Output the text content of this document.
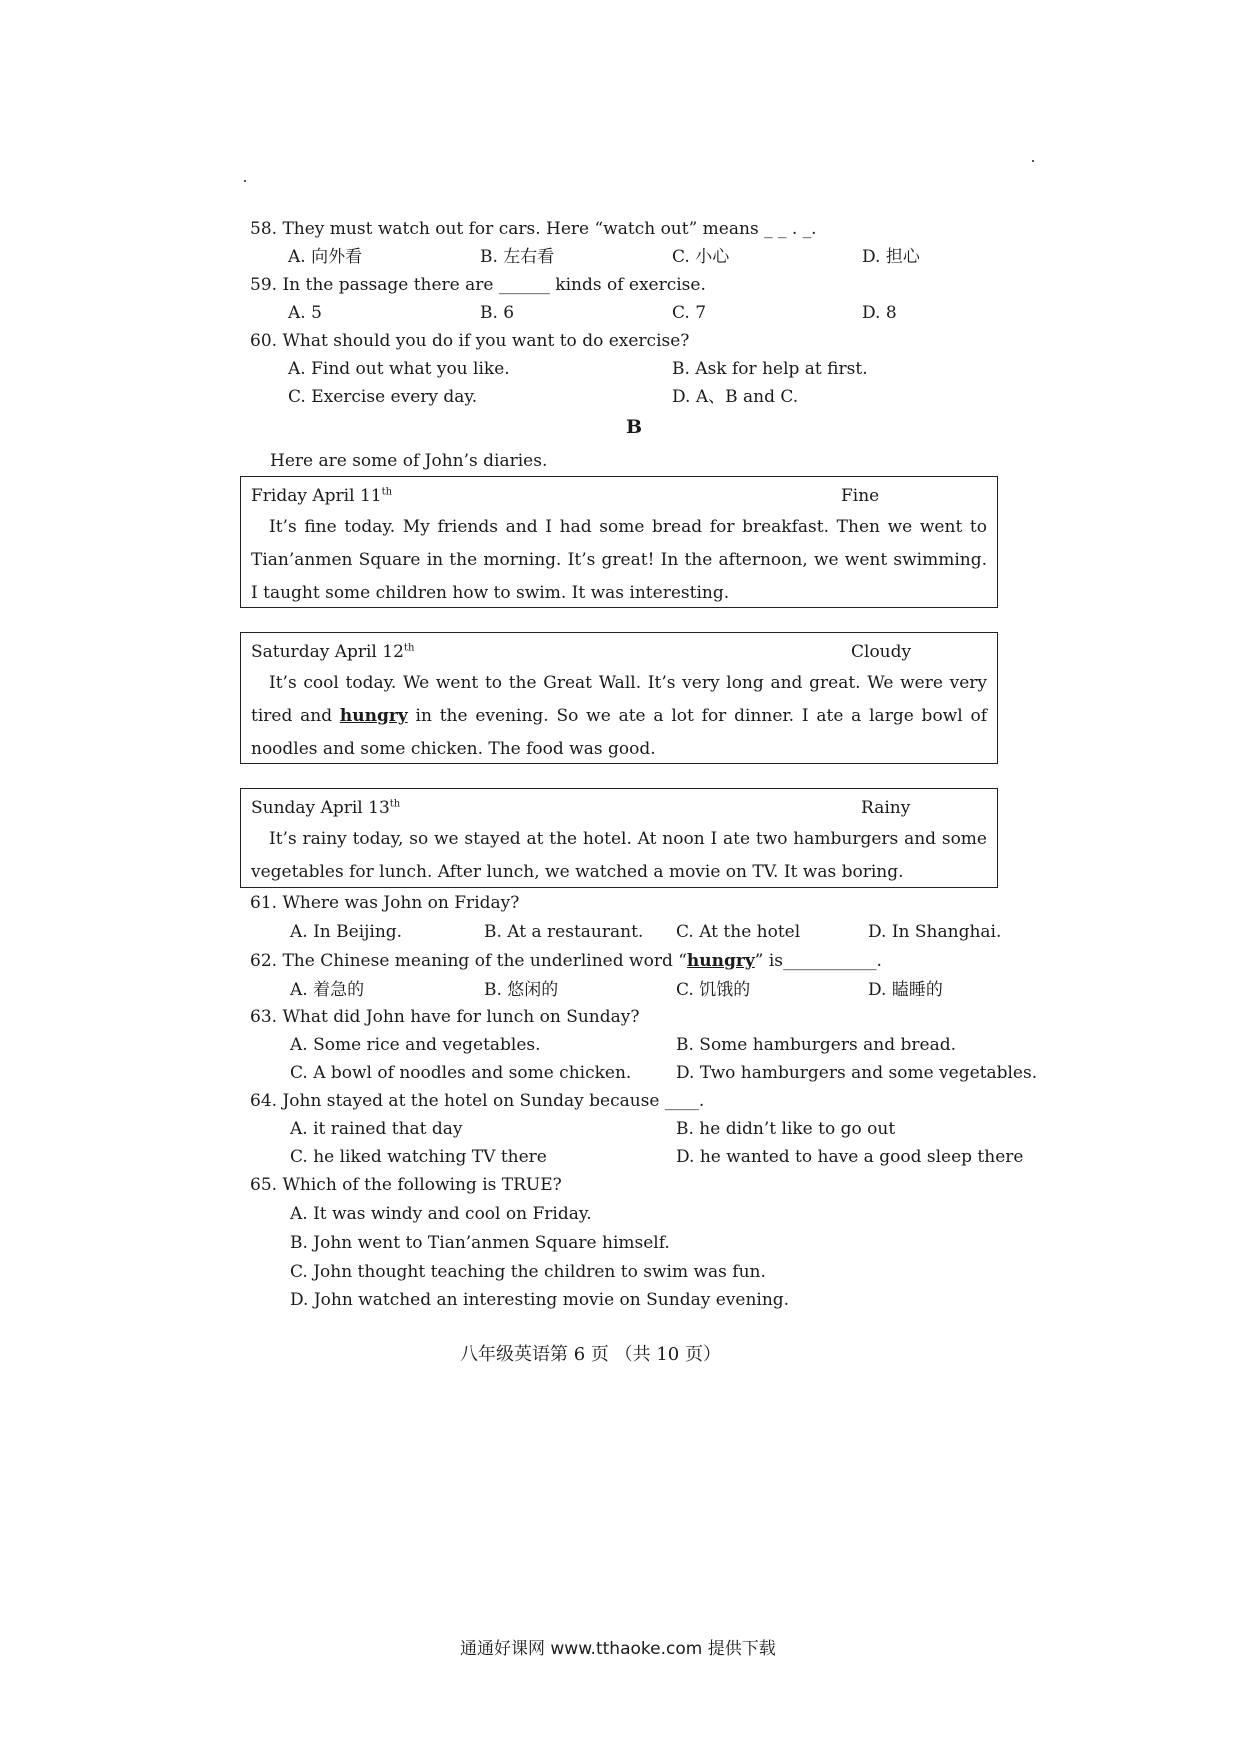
58. They must watch out for cars. Here “watch out” means _ _ . _.
A. 向外看	B. 左右看	C. 小心	D. 担心
59. In the passage there are ______ kinds of exercise.
A. 5	B. 6	C. 7	D. 8
60. What should you do if you want to do exercise?
A. Find out what you like.	B. Ask for help at first.
C. Exercise every day.	D. A、B and C.
B
Here are some of John’s diaries.
Friday April 11th	Fine
It’s fine today. My friends and I had some bread for breakfast. Then we went to Tian’anmen Square in the morning. It’s great! In the afternoon, we went swimming. I taught some children how to swim. It was interesting.
Saturday April 12th	Cloudy
It’s cool today. We went to the Great Wall. It’s very long and great. We were very tired and hungry in the evening. So we ate a lot for dinner. I ate a large bowl of noodles and some chicken. The food was good.
Sunday April 13th	Rainy
It’s rainy today, so we stayed at the hotel. At noon I ate two hamburgers and some vegetables for lunch. After lunch, we watched a movie on TV. It was boring.
61. Where was John on Friday?
A. In Beijing.	B. At a restaurant. C. At the hotel	D. In Shanghai.
62. The Chinese meaning of the underlined word “hungry” is___________.
A. 着急的	B. 悠闲的	C. 饥饿的	D. 瞌睡的
63. What did John have for lunch on Sunday?
A. Some rice and vegetables.	B. Some hamburgers and bread.
C. A bowl of noodles and some chicken.	D. Two hamburgers and some vegetables.
64. John stayed at the hotel on Sunday because ____.
A. it rained that day	B. he didn’t like to go out
C. he liked watching TV there	D. he wanted to have a good sleep there
65. Which of the following is TRUE?
A. It was windy and cool on Friday.
B. John went to Tian’anmen Square himself.
C. John thought teaching the children to swim was fun.
D. John watched an interesting movie on Sunday evening.
八年级英语第 6 页 （共 10 页）
通通好课网 www.tthaoke.com 提供下载
